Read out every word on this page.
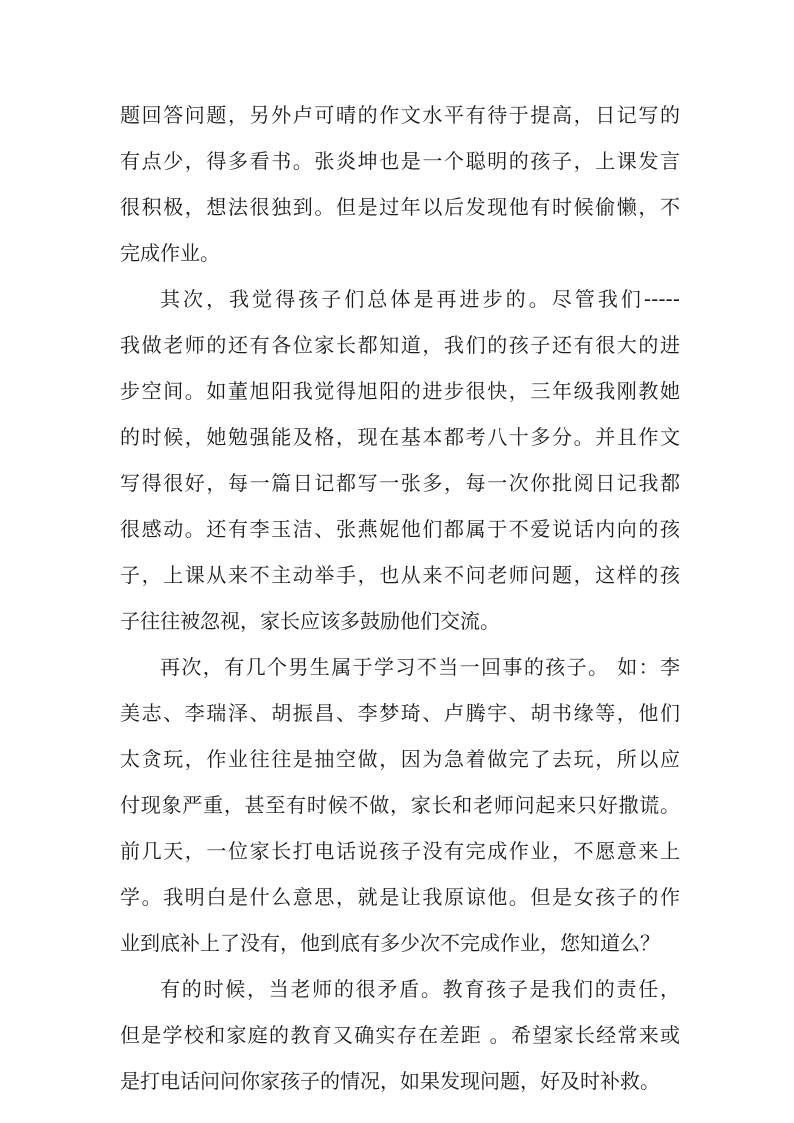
题回答问题，另外卢可晴的作文水平有待于提高，日记写的
有点少，得多看书。张炎坤也是一个聪明的孩子，上课发言
很积极，想法很独到。但是过年以后发现他有时候偷懒，不
完成作业。
其次，我觉得孩子们总体是再进步的。尽管我们-----
我做老师的还有各位家长都知道，我们的孩子还有很大的进
步空间。如董旭阳我觉得旭阳的进步很快，三年级我刚教她
的时候，她勉强能及格，现在基本都考八十多分。并且作文
写得很好，每一篇日记都写一张多，每一次你批阅日记我都
很感动。还有李玉洁、张燕妮他们都属于不爱说话内向的孩
子，上课从来不主动举手，也从来不问老师问题，这样的孩
子往往被忽视，家长应该多鼓励他们交流。
再次，有几个男生属于学习不当一回事的孩子。 如：李
美志、李瑞泽、胡振昌、李梦琦、卢腾宇、胡书缘等，他们
太贪玩，作业往往是抽空做，因为急着做完了去玩，所以应
付现象严重，甚至有时候不做，家长和老师问起来只好撒谎。
前几天，一位家长打电话说孩子没有完成作业，不愿意来上
学。我明白是什么意思，就是让我原谅他。但是女孩子的作
业到底补上了没有，他到底有多少次不完成作业，您知道么？
有的时候，当老师的很矛盾。教育孩子是我们的责任，
但是学校和家庭的教育又确实存在差距 。希望家长经常来或
是打电话问问你家孩子的情况，如果发现问题，好及时补救。
